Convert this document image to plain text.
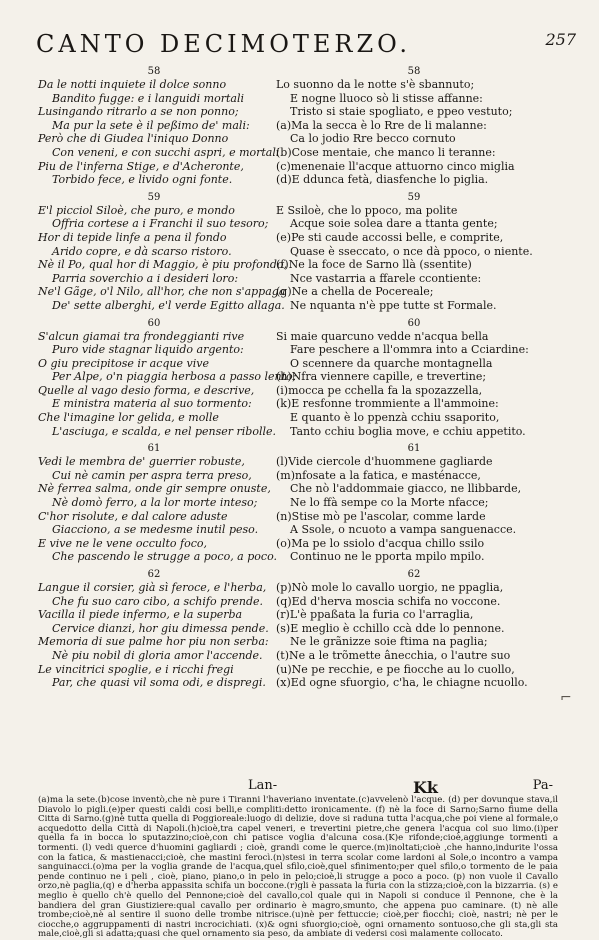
CANTO DECIMOTERZO.	257
58
Da le notti inquiete il dolce sonno
Bandito fugge: e i languidi mortali
Lusingando ritrarlo a se non ponno;
Ma pur la sete è il peßimo de' mali:
Però che di Giudea l'iniquo Donno
Con veneni, e con succhi aspri, e mortali
Piu de l'inferna Stige, e d'Acheronte,
Torbido fece, e livido ogni fonte.
59
E'l picciol Siloè, che puro, e mondo
Offria cortese a i Franchi il suo tesoro;
Hor di tepide linfe a pena il fondo
Arido copre, e dà scarso ristoro.
Nè il Po, qual hor di Maggio, è piu profondo,
Parria soverchio a i desideri loro:
Ne'l Gãge, o'l Nilo, all'hor, che non s'appaga
De' sette alberghi, e'l verde Egitto allaga.
60
S'alcun giamai tra frondeggianti rive
Puro vide stagnar liquido argento:
O giu precipitose ir acque vive
Per Alpe, o'n piaggia herbosa a passo lento;
Quelle al vago desio forma, e descrive,
E ministra materia al suo tormento:
Che l'imagine lor gelida, e molle
L'asciuga, e scalda, e nel penser ribolle.
61
Vedi le membra de' guerrier robuste,
Cui nè camin per aspra terra preso,
Nè ferrea salma, onde gir sempre onuste,
Nè domò ferro, a la lor morte inteso;
C'hor risolute, e dal calore aduste
Giacciono, a se medesme inutil peso.
E vive ne le vene occulto foco,
Che pascendo le strugge a poco, a poco.
62
Langue il corsier, già sì feroce, e l'herba,
Che fu suo caro cibo, a schifo prende.
Vacilla il piede infermo, e la superba
Cervice dianzi, hor giu dimessa pende.
Memoria di sue palme hor piu non serba:
Nè piu nobil di gloria amor l'accende.
Le vincitrici spoglie, e i ricchi fregi
Par, che quasi vil soma odi, e dispregi.
58
Lo suonno da le notte s'è sbannuto;
E nogne lluoco sò li stisse affanne:
Tristo si staie spogliato, e ppeo vestuto;
(a)Ma la secca è lo Rre de li malanne:
Ca lo jodio Rre becco cornuto
(b)Cose mentaie, che manco li teranne:
(c)menenaie ll'acque attuorno cinco miglia
(d)E ddunca fetà, diasfenche lo piglia.
59
E Ssiloè, che lo ppoco, ma polite
Acque soie solea dare a ttanta gente;
(e)Pe sti caude accossi belle, e comprite,
Quase è sseccato, o nce dà ppoco, o niente.
(f)Ne la foce de Sarno llà (ssentite)
Nce vastarria a ffarele ccontiente:
(g)Ne a chella de Pocereale;
Ne nquanta n'è ppe tutte st Formale.
60
Si maie quarcuno vedde n'acqua bella
Fare peschere a ll'ommra into a Cciardine:
O scennere da quarche montagnella
(h)Nfra viennere capille, e trevertine;
(i)mocca pe cchella fa la spozazzella,
(k)E resfonne trommiente a ll'ammoine:
E quanto è lo ppenzà cchiu ssaporito,
Tanto cchiu boglia move, e cchiu appetito.
61
(l)Vide ciercole d'huommene gagliarde
(m)nfosate a la fatica, e masténacce,
Che nò l'addommaie giacco, ne llibbarde,
Ne lo ffà sempe co la Morte nfacce;
(n)Stise mò pe l'ascolar, comme larde
A Ssole, o ncuoto a vampa sanguenacce.
(o)Ma pe lo ssiolo d'acqua chillo ssilo
Continuo ne le pporta mpilo mpilo.
62
(p)Nò mole lo cavallo uorgio, ne ppaglia,
(q)Ed d'herva moscia schifa no voccone.
(r)L'è ppaßata la furia co l'arraglia,
(s)E meglio è cchillo ccà dde lo pennone.
Ne le grãnizze soie ftima na paglia;
(t)Ne a le trõmette ânecchia, o l'autre suo
(u)Ne pe recchie, e pe fiocche au lo cuollo,
(x)Ed ogne sfuorgio, c'ha, le chiagne ncuollo.
Lan-	Kk	Pa-
(a)ma la sete.(b)cose inventò,che nè pure i Tiranni l'haveriano inventate.(c)avvelenò l'acque. (d) per dovunque stava,il Diavolo lo pigli.(e)per questi caldi cosi belli,e compliti:detto ironicamente. (f) nè la foce di Sarno;Sarno fiume della Citta di Sarno.(g)nè tutta quella di Poggioreale:luogo di delizie, dove si raduna tutta l'acqua,che poi viene al formale,o acquedotto della Città di Napoli.(h)cioè,tra capel veneri, e trevertini pietre,che genera l'acqua col suo limo.(i)per quella fa in bocca lo sputazzino;cioè,con chi patisce voglia d'alcuna cosa.(K)e rifonde;cioè,aggiunge tormenti a tormenti. (l) vedi querce d'huomini gagliardi ; cioè, grandi come le querce.(m)inoltati;cioè ,che hanno,indurite l'ossa con la fatica, & mastienacci;cioè, che mastini ferocì.(n)stesi in terra scolar come lardoni al Sole,o incontro a vampa sanguinacci.(o)ma per la voglia grande de l'acqua,quel sfilo,cioè,quel sfinimento;per quel sfilo,o tormento de le paia pende continuo ne i peli , cioè, piano, piano,o in pelo in pelo;cioè,li strugge a poco a poco. (p) non vuole il Cavallo orzo,nè paglia,(q) e d'herba appassita schifa un boccone.(r)gli è passata la furia con la stizza;cioè,con la bizzarria. (s) e meglio è quello ch'è quello del Pennone;cioè del cavallo,col quale qui in Napoli si conduce il Pennone, che è la bandiera del gran Giustiziere:qual cavallo per ordinario è magro,smunto, che appena puo caminare. (t) nè alle trombe;cioè,nè al sentire il suono delle trombe nitrisce.(u)nè per fettuccie; cioè,per fiocchi; cioè, nastri; nè per le ciocche,o aggruppamenti di nastri incrocichiati. (x)& ogni sfuorgio;cioè, ogni ornamento sontuoso,che gli sta,gli sta male,cioè,gli si adatta;quasi che quel ornamento sia peso, da ambiate di vedersi così malamente collocato.
⌐
